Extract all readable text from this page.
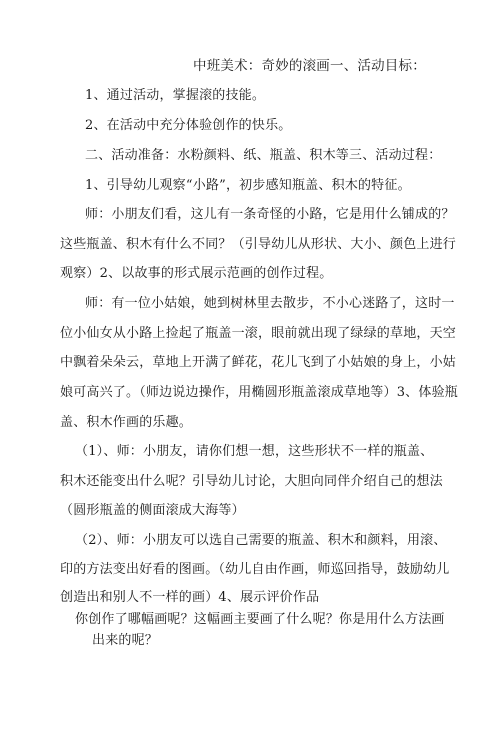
中班美术：奇妙的滚画一、活动目标：
1、通过活动，掌握滚的技能。
2、在活动中充分体验创作的快乐。
二、活动准备：水粉颜料、纸、瓶盖、积木等三、活动过程：
1、引导幼儿观察“小路”，初步感知瓶盖、积木的特征。
师：小朋友们看，这儿有一条奇怪的小路，它是用什么铺成的？
这些瓶盖、积木有什么不同？（引导幼儿从形状、大小、颜色上进行
观察）2、以故事的形式展示范画的创作过程。
师：有一位小姑娘，她到树林里去散步，不小心迷路了，这时一
位小仙女从小路上捡起了瓶盖一滚，眼前就出现了绿绿的草地，天空
中飘着朵朵云，草地上开满了鲜花，花儿飞到了小姑娘的身上，小姑
娘可高兴了。（师边说边操作，用椭圆形瓶盖滚成草地等）3、体验瓶
盖、积木作画的乐趣。
（1）、师：小朋友，请你们想一想，这些形状不一样的瓶盖、
积木还能变出什么呢？引导幼儿讨论，大胆向同伴介绍自己的想法
（圆形瓶盖的侧面滚成大海等）
（2）、师：小朋友可以选自己需要的瓶盖、积木和颜料，用滚、
印的方法变出好看的图画。（幼儿自由作画，师巡回指导，鼓励幼儿
创造出和别人不一样的画）4、展示评价作品
你创作了哪幅画呢？这幅画主要画了什么呢？你是用什么方法画
出来的呢？
